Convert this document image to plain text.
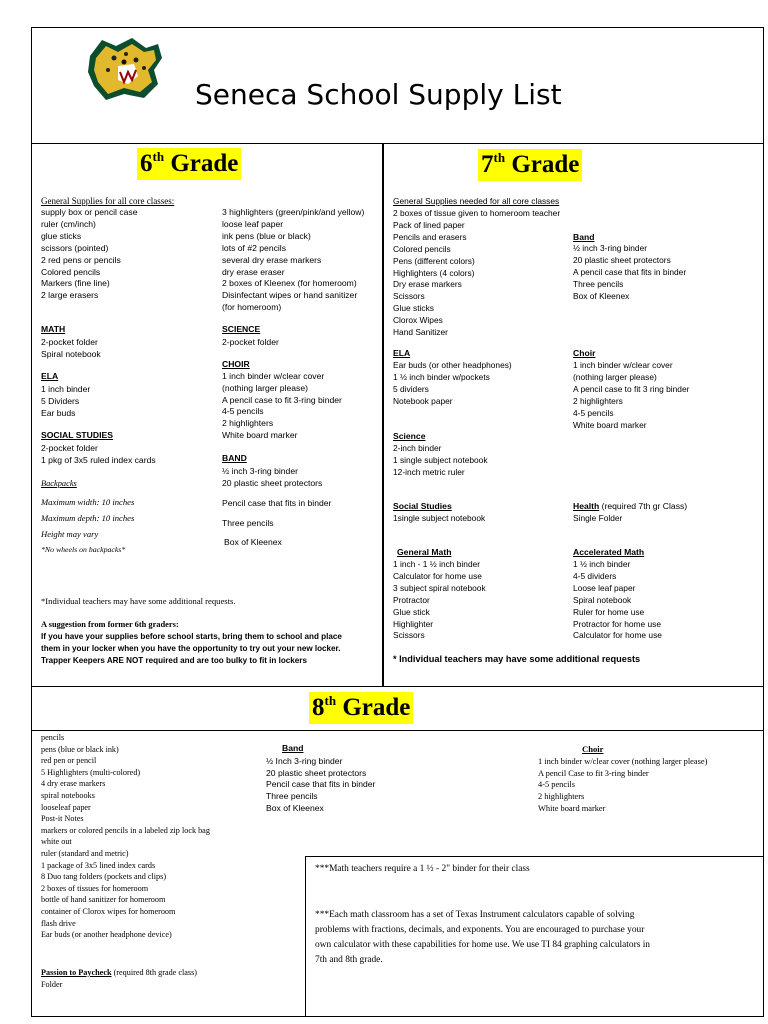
Seneca School Supply List
6th Grade
General Supplies for all core classes:
supply box or pencil case
ruler (cm/inch)
glue sticks
scissors (pointed)
2 red pens or pencils
Colored pencils
Markers (fine line)
2 large erasers
3 highlighters (green/pink/and yellow)
loose leaf paper
ink pens (blue or black)
lots of #2 pencils
several dry erase markers
dry erase eraser
2 boxes of Kleenex (for homeroom)
Disinfectant wipes or hand sanitizer
(for homeroom)
MATH
2-pocket folder
Spiral notebook
ELA
1 inch binder
5 Dividers
Ear buds
SOCIAL STUDIES
2-pocket folder
1 pkg of 3x5 ruled index cards
SCIENCE
2-pocket folder
CHOIR
1 inch binder w/clear cover
(nothing larger please)
A pencil case to fit 3-ring binder
4-5 pencils
2 highlighters
White board marker
BAND
½ inch 3-ring binder
20 plastic sheet protectors
Pencil case that fits in binder
Three pencils
Box of Kleenex
Backpacks
Maximum width: 10 inches
Maximum depth: 10 inches
Height may vary
*No wheels on backpacks*
*Individual teachers may have some additional requests.
A suggestion from former 6th graders:
If you have your supplies before school starts, bring them to school and place
them in your locker when you have the opportunity to try out your new locker.
Trapper Keepers ARE NOT required and are too bulky to fit in lockers
7th Grade
General Supplies needed for all core classes
2 boxes of tissue given to homeroom teacher
Pack of lined paper
Pencils and erasers
Colored pencils
Pens (different colors)
Highlighters (4 colors)
Dry erase markers
Scissors
Glue sticks
Clorox Wipes
Hand Sanitizer
Band
½ inch 3-ring binder
20 plastic sheet protectors
A pencil case that fits in binder
Three pencils
Box of Kleenex
ELA
Ear buds (or other headphones)
1 ½ inch binder w/pockets
5 dividers
Notebook paper
Choir
1 inch binder w/clear cover
(nothing larger please)
A pencil case to fit 3 ring binder
2 highlighters
4-5 pencils
White board marker
Science
2-inch binder
1 single subject notebook
12-inch metric ruler
Social Studies
1single subject notebook
Health (required 7th gr Class)
Single Folder
General Math
1 inch - 1 ½ inch binder
Calculator for home use
3 subject spiral notebook
Protractor
Glue stick
Highlighter
Scissors
Accelerated Math
1 ½ inch binder
4-5 dividers
Loose leaf paper
Spiral notebook
Ruler for home use
Protractor for home use
Calculator for home use
* Individual teachers may have some additional requests
8th Grade
pencils
pens (blue or black ink)
red pen or pencil
5 Highlighters (multi-colored)
4 dry erase markers
spiral notebooks
looseleaf paper
Post-it Notes
markers or colored pencils in a labeled zip lock bag
white out
ruler (standard and metric)
1 package of 3x5 lined index cards
8 Duo tang folders (pockets and clips)
2 boxes of tissues for homeroom
bottle of hand sanitizer for homeroom
container of Clorox wipes for homeroom
flash drive
Ear buds (or another headphone device)
Passion to Paycheck (required 8th grade class)
Folder
Band
½ Inch 3-ring binder
20 plastic sheet protectors
Pencil case that fits in binder
Three pencils
Box of Kleenex
Choir
1 inch binder w/clear cover (nothing larger please)
A pencil Case to fit 3-ring binder
4-5 pencils
2 highlighters
White board marker
***Math teachers require a 1 ½ - 2" binder for their class
***Each math classroom has a set of Texas Instrument calculators capable of solving
problems with fractions, decimals, and exponents. You are encouraged to purchase your
own calculator with these capabilities for home use. We use TI 84 graphing calculators in
7th and 8th grade.
